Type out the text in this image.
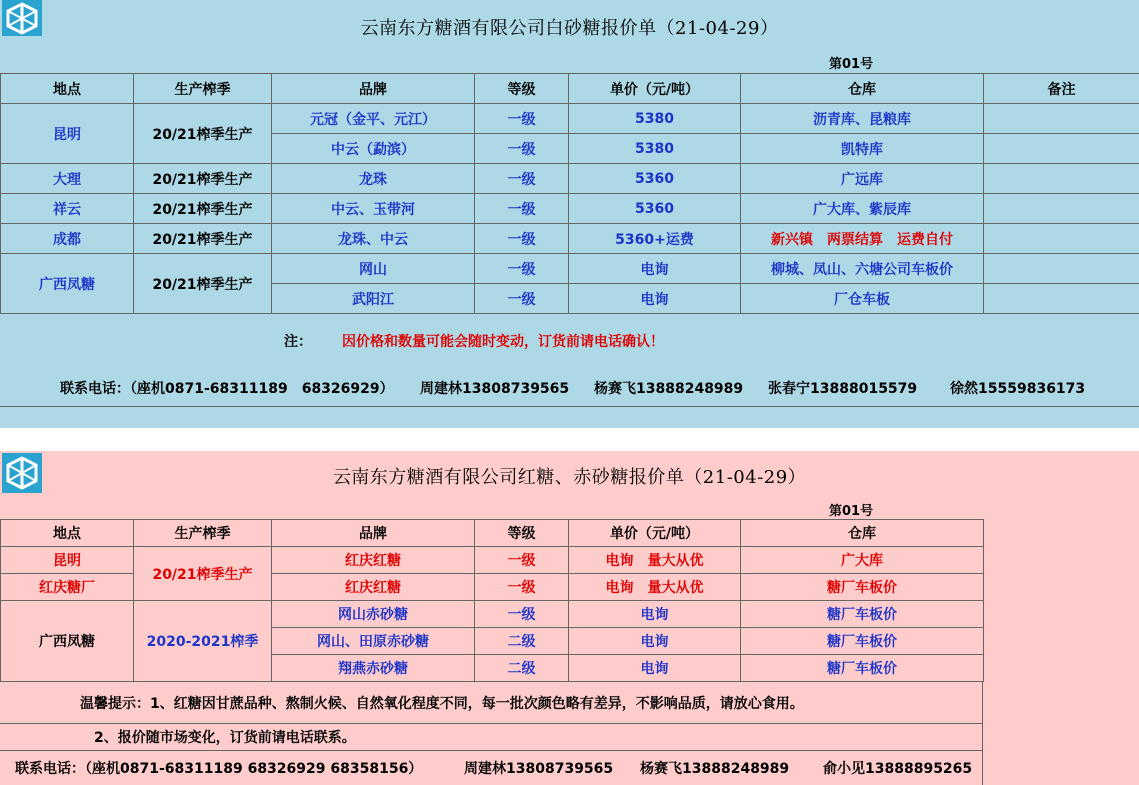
云南东方糖酒有限公司白砂糖报价单（21-04-29）
第01号
地点	生产榨季	品牌	等级	单价（元/吨）	仓库	备注
昆明	20/21榨季生产	元冠（金平、元江）	一级	5380	沥青库、昆粮库	
		中云（勐滨）	一级	5380	凯特库	
大理	20/21榨季生产	龙珠	一级	5360	广远库	
祥云	20/21榨季生产	中云、玉带河	一级	5360	广大库、紫辰库	
成都	20/21榨季生产	龙珠、中云	一级	5360+运费	新兴镇　两票结算　运费自付	
广西凤糖	20/21榨季生产	网山	一级	电询	柳城、凤山、六塘公司车板价	
		武阳江	一级	电询	厂仓车板	
注： 因价格和数量可能会随时变动，订货前请电话确认！
联系电话：（座机0871-68311189　68326929） 周建林13808739565 杨赛飞13888248989 张春宁13888015579 徐然15559836173
云南东方糖酒有限公司红糖、赤砂糖报价单（21-04-29）
第01号
地点	生产榨季	品牌	等级	单价（元/吨）	仓库
昆明	20/21榨季生产	红庆红糖	一级	电询　量大从优	广大库
红庆糖厂		红庆红糖	一级	电询　量大从优	糖厂车板价
广西凤糖	2020-2021榨季	网山赤砂糖	一级	电询	糖厂车板价
		网山、田原赤砂糖	二级	电询	糖厂车板价
		翔燕赤砂糖	二级	电询	糖厂车板价
温馨提示：1、红糖因甘蔗品种、熬制火候、自然氧化程度不同，每一批次颜色略有差异，不影响品质，请放心食用。
2、报价随市场变化，订货前请电话联系。
联系电话：（座机0871-68311189 68326929 68358156）	周建林13808739565 杨赛飞13888248989 俞小见13888895265
